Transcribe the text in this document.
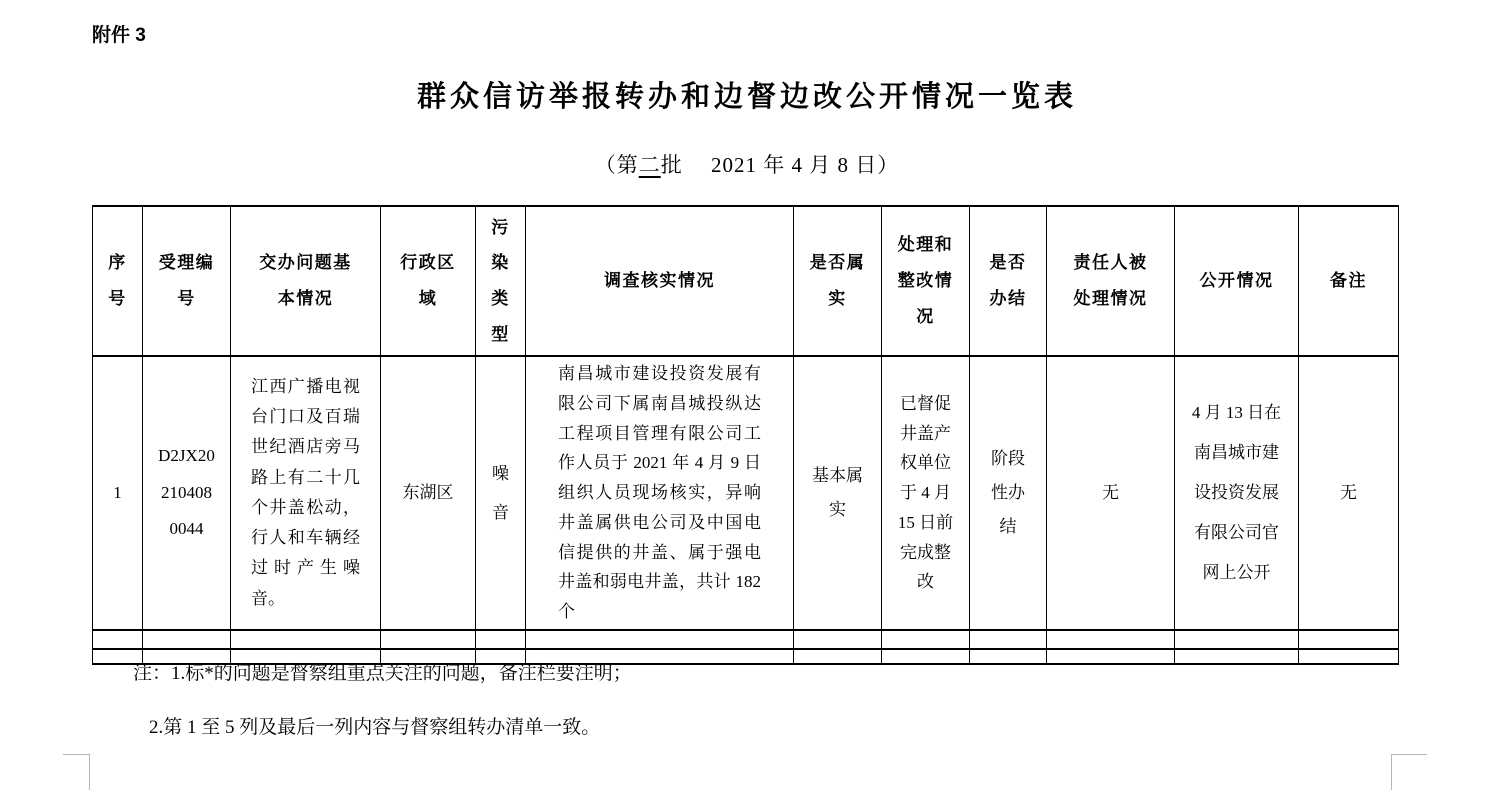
附件 3
群众信访举报转办和边督边改公开情况一览表
（第二批　 2021 年 4 月 8 日）
序号	受理编号	交办问题基本情况	行政区域	污染类型	调查核实情况	是否属实	处理和整改情况	是否办结	责任人被处理情况	公开情况	备注
1	D2JX202104080044	江西广播电视台门口及百瑞世纪酒店旁马路上有二十几个井盖松动，行人和车辆经过时产生噪音。	东湖区	噪音	南昌城市建设投资发展有限公司下属南昌城投纵达工程项目管理有限公司工作人员于 2021 年 4 月 9 日组织人员现场核实，异响井盖属供电公司及中国电信提供的井盖、属于强电井盖和弱电井盖，共计 182 个	基本属实	已督促井盖产权单位于 4 月 15 日前完成整改	阶段性办结	无	4 月 13 日在南昌城市建设投资发展有限公司官网上公开	无

注：1.标*的问题是督察组重点关注的问题，备注栏要注明；
2.第 1 至 5 列及最后一列内容与督察组转办清单一致。
